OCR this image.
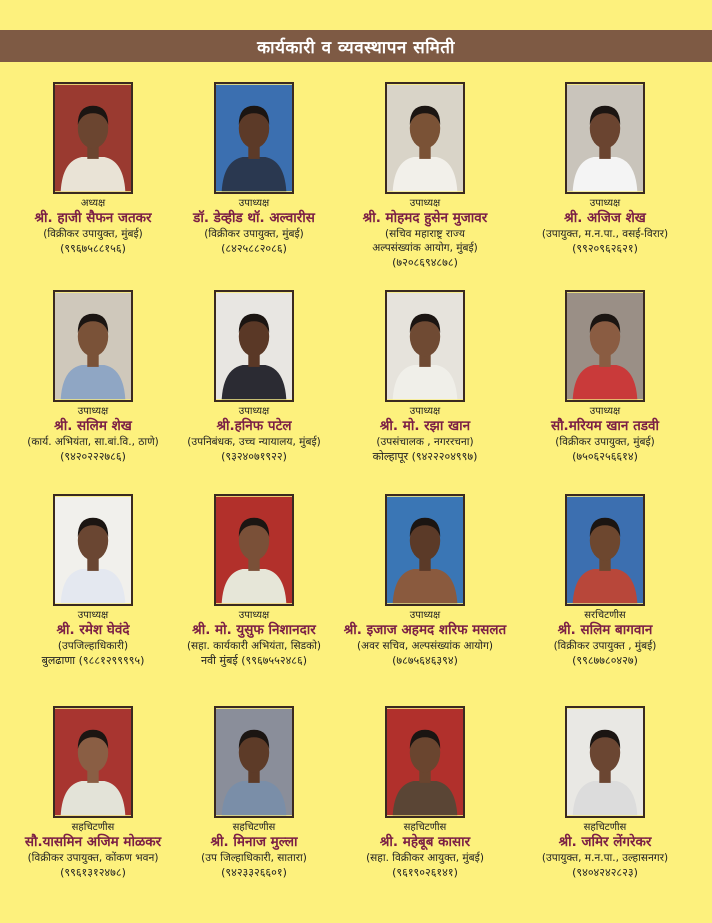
कार्यकारी व व्यवस्थापन समिती
अध्यक्ष
श्री. हाजी सैफन जतकर
(विक्रीकर उपायुक्त, मुंबई)
(९९६७५८८१५६)
उपाध्यक्ष
डॉ. डेव्हीड थॉ. अल्वारीस
(विक्रीकर उपायुक्त, मुंबई)
(८४२५८८२०८६)
उपाध्यक्ष
श्री. मोहमद हुसेन मुजावर
(सचिव महाराष्ट्र राज्य
अल्पसंख्यांक आयोग, मुंबई)
(७२०८६९४८७८)
उपाध्यक्ष
श्री. अजिज शेख
(उपायुक्त, म.न.पा., वसई-विरार)
(९९२०९६२६२१)
उपाध्यक्ष
श्री. सलिम शेख
(कार्य. अभियंता, सा.बां.वि., ठाणे)
(९४२०२२२७८६)
उपाध्यक्ष
श्री.हनिफ पटेल
(उपनिबंधक, उच्च न्यायालय, मुंबई)
(९३२४०७१९२२)
उपाध्यक्ष
श्री. मो. रझा खान
(उपसंचालक , नगररचना)
कोल्हापूर (९४२२२०४९९७)
उपाध्यक्ष
सौ.मरियम खान तडवी
(विक्रीकर उपायुक्त, मुंबई)
(७५०६२५६६१४)
उपाध्यक्ष
श्री. रमेश घेवंदे
(उपजिल्हाधिकारी)
बुलढाणा (९८८१२९९९९५)
उपाध्यक्ष
श्री. मो. युसुफ निशानदार
(सहा. कार्यकारी अभियंता, सिडको)
नवी मुंबई (९९६७५५२४८६)
उपाध्यक्ष
श्री. इजाज अहमद शरिफ मसलत
(अवर सचिव, अल्पसंख्यांक आयोग)
(७८७५६४६३९४)
सरचिटणीस
श्री. सलिम बागवान
(विक्रीकर उपायुक्त , मुंबई)
(९९८७७८०४२७)
सहचिटणीस
सौ.यासमिन अजिम मोळकर
(विक्रीकर उपायुक्त, कोंकण भवन)
(९९६१३१२४७८)
सहचिटणीस
श्री. मिनाज मुल्ला
(उप जिल्हाधिकारी, सातारा)
(९४२३३२६६०१)
सहचिटणीस
श्री. महेबूब कासार
(सहा. विक्रीकर आयुक्त, मुंबई)
(९६१९०२६१४१)
सहचिटणीस
श्री. जमिर लेंगरेकर
(उपायुक्त, म.न.पा., उल्हासनगर)
(९४०४२४२८२३)
